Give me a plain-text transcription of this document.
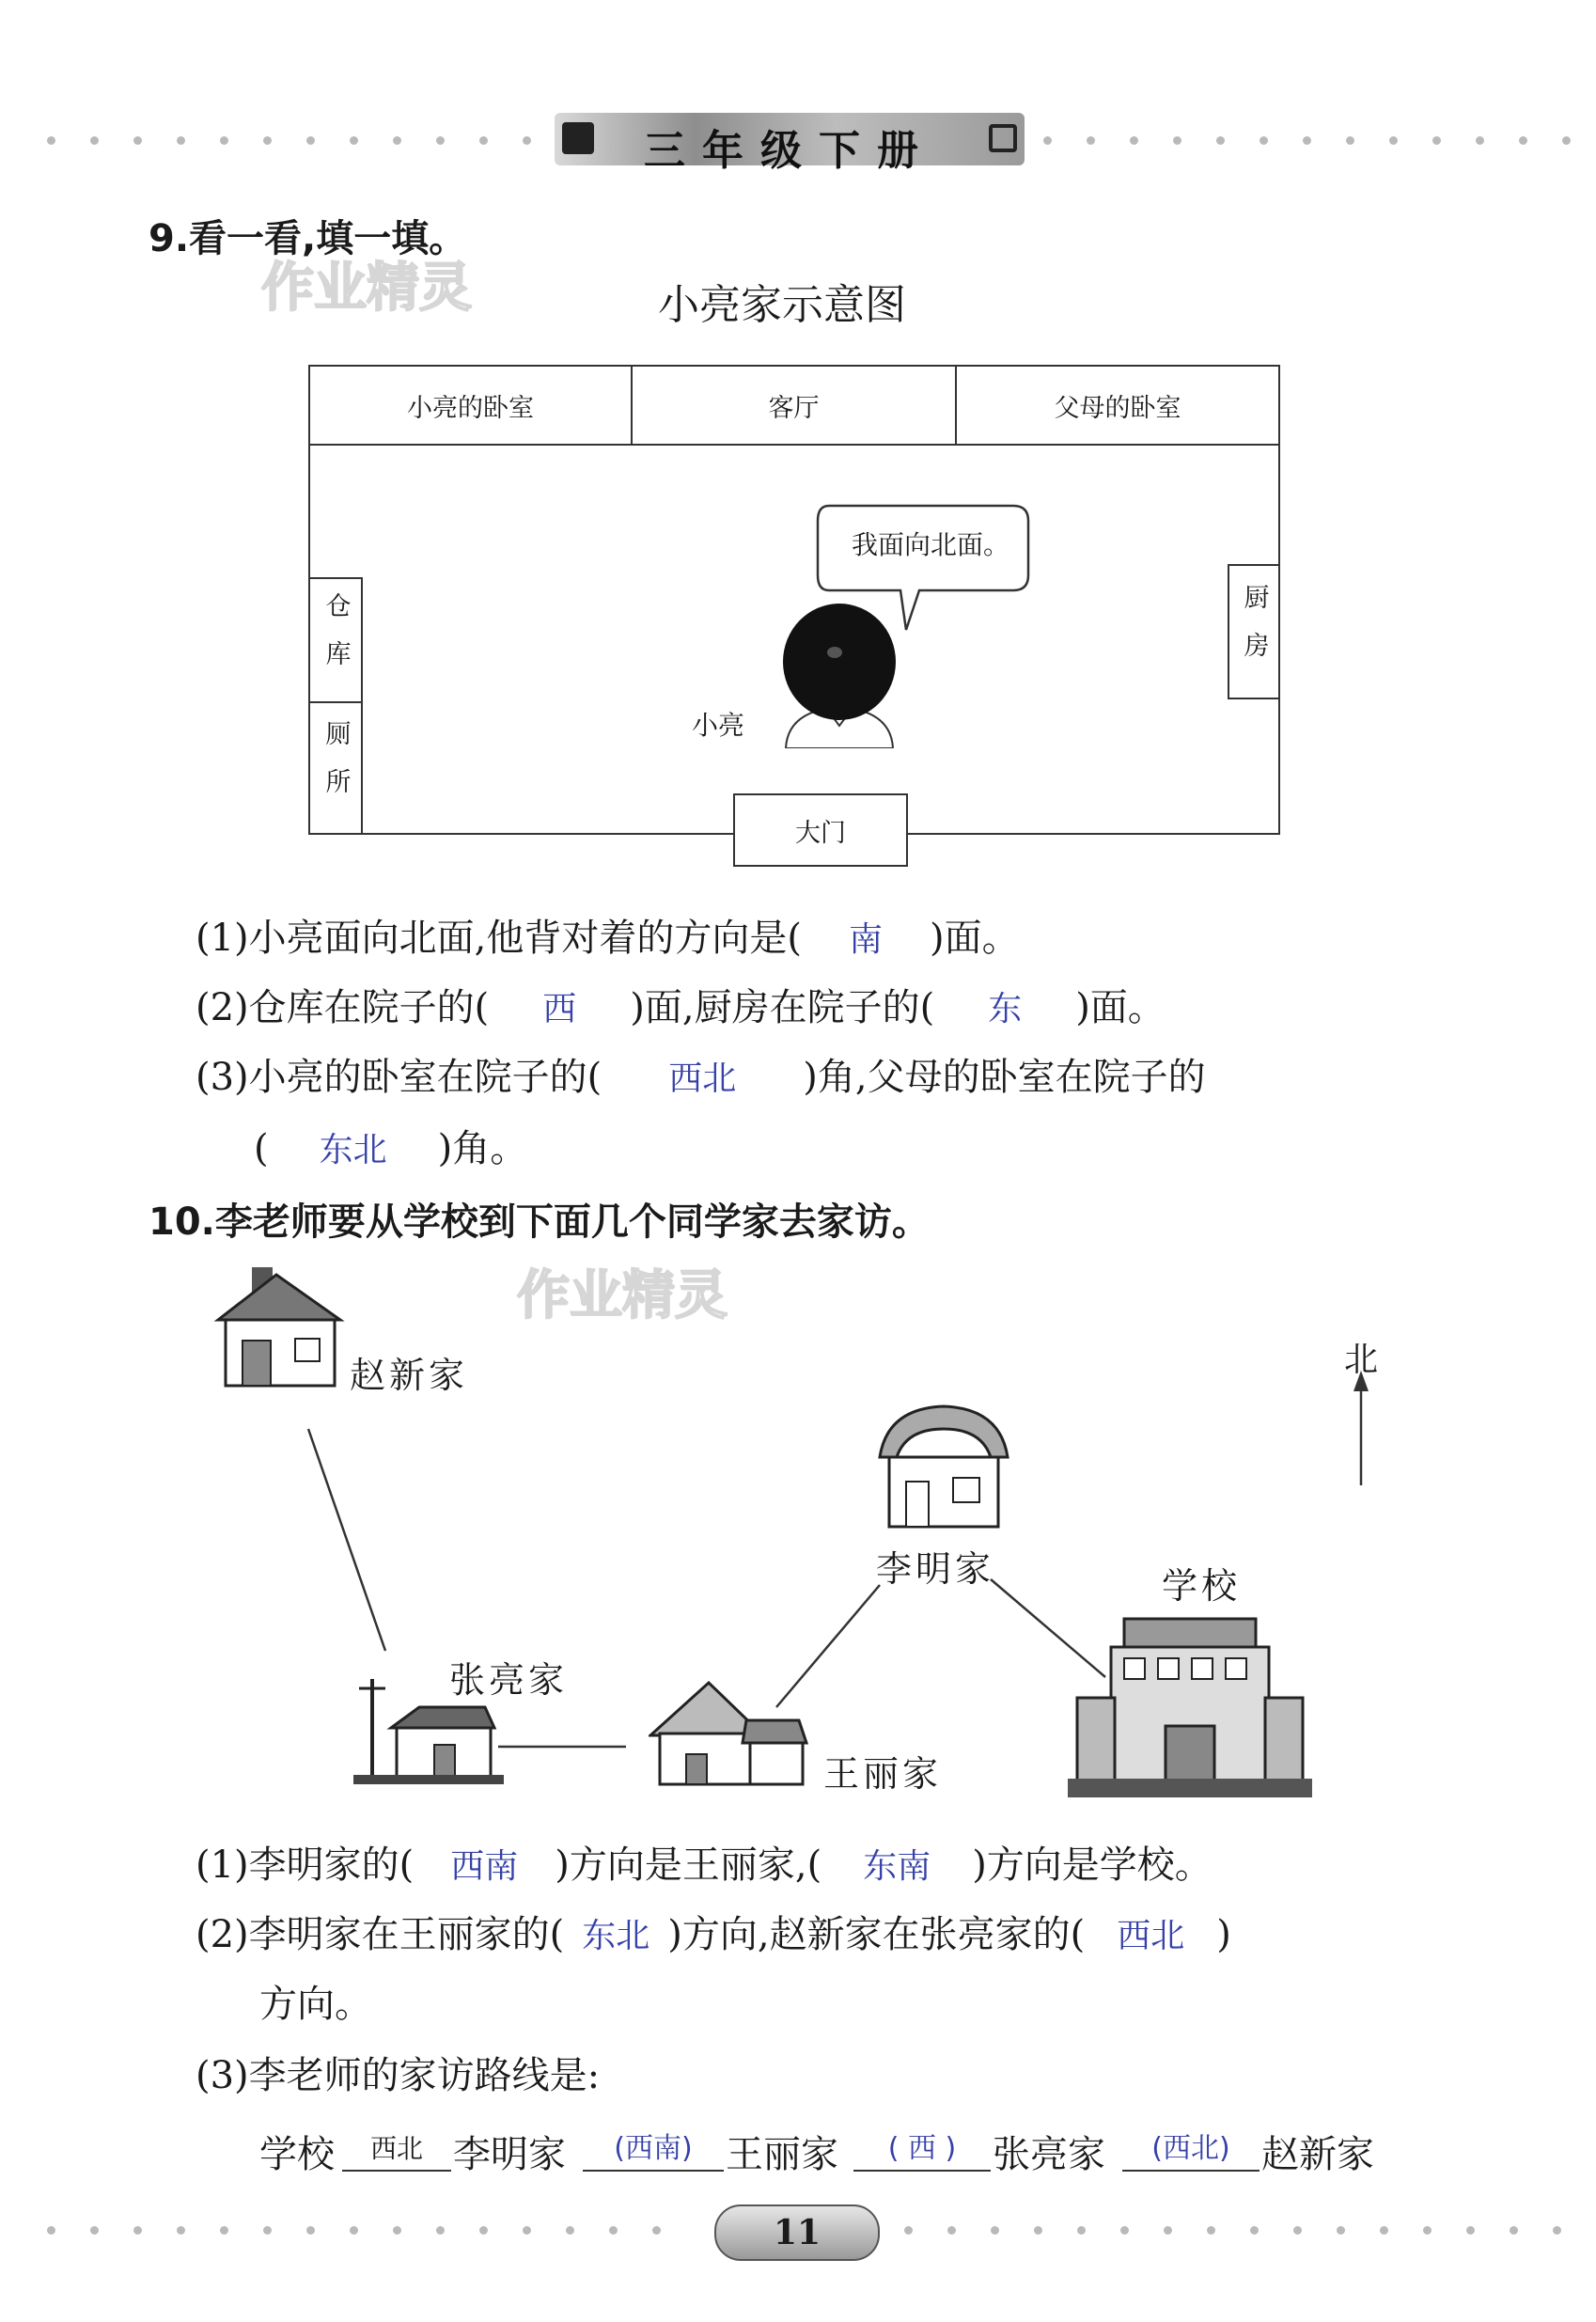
三年级下册
9.看一看,填一填。
作业精灵	小亮家示意图
小亮的卧室	客厅	父母的卧室
仓库
厕所
厨房
大门
我面向北面。
小亮
(1)小亮面向北面,他背对着的方向是( 南 )面。
(2)仓库在院子的( 西 )面,厨房在院子的( 东 )面。
(3)小亮的卧室在院子的( 西北 )角,父母的卧室在院子的
( 东北 )角。
10.李老师要从学校到下面几个同学家去家访。
作业精灵
北
赵新家
张亮家
王丽家
李明家	学校
(1)李明家的( 西南 )方向是王丽家,( 东南 )方向是学校。
(2)李明家在王丽家的( 东北 )方向,赵新家在张亮家的( 西北 )
方向。
(3)李老师的家访路线是:
学校	西北 李明家	(西南) 王丽家	( 西 ) 张亮家	(西北) 赵新家
11
